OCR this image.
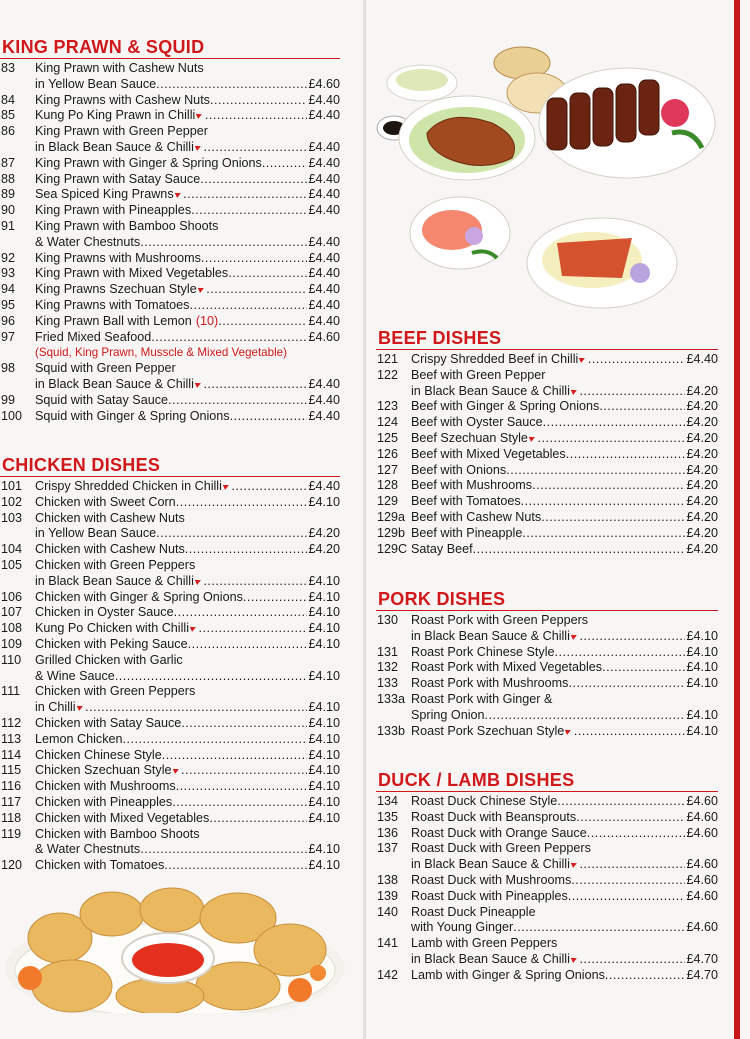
KING PRAWN & SQUID
83	King Prawn with Cashew Nuts
in Yellow Bean Sauce .....	£4.60
84	King Prawns with Cashew Nuts .....	£4.40
85	Kung Po King Prawn in Chilli ▸ .....	£4.40
86	King Prawn with Green Pepper
in Black Bean Sauce & Chilli ▸ .....	£4.40
87	King Prawn with Ginger & Spring Onions .....	£4.40
88	King Prawn with Satay Sauce .....	£4.40
89	Sea Spiced King Prawns ▸ .....	£4.40
90	King Prawn with Pineapples .....	£4.40
91	King Prawn with Bamboo Shoots
& Water Chestnuts .....	£4.40
92	King Prawns with Mushrooms .....	£4.40
93	King Prawn with Mixed Vegetables .....	£4.40
94	King Prawns Szechuan Style ▸ .....	£4.40
95	King Prawns with Tomatoes .....	£4.40
96	King Prawn Ball with Lemon (10) .....	£4.40
97	Fried Mixed Seafood .....	£4.60
(Squid, King Prawn, Musscle & Mixed Vegetable)
98	Squid with Green Pepper
in Black Bean Sauce & Chilli ▸ .....	£4.40
99	Squid with Satay Sauce .....	£4.40
100	Squid with Ginger & Spring Onions .....	£4.40
CHICKEN DISHES
101	Crispy Shredded Chicken in Chilli ▸ .....	£4.40
102	Chicken with Sweet Corn .....	£4.10
103	Chicken with Cashew Nuts
in Yellow Bean Sauce .....	£4.20
104	Chicken with Cashew Nuts .....	£4.20
105	Chicken with Green Peppers
in Black Bean Sauce & Chilli ▸ .....	£4.10
106	Chicken with Ginger & Spring Onions .....	£4.10
107	Chicken in Oyster Sauce .....	£4.10
108	Kung Po Chicken with Chilli ▸ .....	£4.10
109	Chicken with Peking Sauce .....	£4.10
110	Grilled Chicken with Garlic
& Wine Sauce .....	£4.10
111	Chicken with Green Peppers
in Chilli ▸ .....	£4.10
112	Chicken with Satay Sauce .....	£4.10
113	Lemon Chicken .....	£4.10
114	Chicken Chinese Style .....	£4.10
115	Chicken Szechuan Style ▸ .....	£4.10
116	Chicken with Mushrooms .....	£4.10
117	Chicken with Pineapples .....	£4.10
118	Chicken with Mixed Vegetables .....	£4.10
119	Chicken with Bamboo Shoots
& Water Chestnuts .....	£4.10
120	Chicken with Tomatoes .....	£4.10
BEEF DISHES
121	Crispy Shredded Beef in Chilli ▸ .....	£4.40
122	Beef with Green Pepper
in Black Bean Sauce & Chilli ▸ .....	£4.20
123	Beef with Ginger & Spring Onions .....	£4.20
124	Beef with Oyster Sauce .....	£4.20
125	Beef Szechuan Style ▸ .....	£4.20
126	Beef with Mixed Vegetables .....	£4.20
127	Beef with Onions .....	£4.20
128	Beef with Mushrooms .....	£4.20
129	Beef with Tomatoes .....	£4.20
129a Beef with Cashew Nuts .....	£4.20
129b Beef with Pineapple .....	£4.20
129C Satay Beef .....	£4.20
PORK DISHES
130	Roast Pork with Green Peppers
in Black Bean Sauce & Chilli ▸ .....	£4.10
131	Roast Pork Chinese Style .....	£4.10
132	Roast Pork with Mixed Vegetables .....	£4.10
133	Roast Pork with Mushrooms .....	£4.10
133a Roast Pork with Ginger &
Spring Onion .....	£4.10
133b Roast Pork Szechuan Style ▸ .....	£4.10
DUCK / LAMB DISHES
134	Roast Duck Chinese Style .....	£4.60
135	Roast Duck with Beansprouts .....	£4.60
136	Roast Duck with Orange Sauce .....	£4.60
137	Roast Duck with Green Peppers
in Black Bean Sauce & Chilli ▸ .....	£4.60
138	Roast Duck with Mushrooms .....	£4.60
139	Roast Duck with Pineapples .....	£4.60
140	Roast Duck Pineapple
with Young Ginger .....	£4.60
141	Lamb with Green Peppers
in Black Bean Sauce & Chilli ▸ .....	£4.70
142	Lamb with Ginger & Spring Onions .....	£4.70
